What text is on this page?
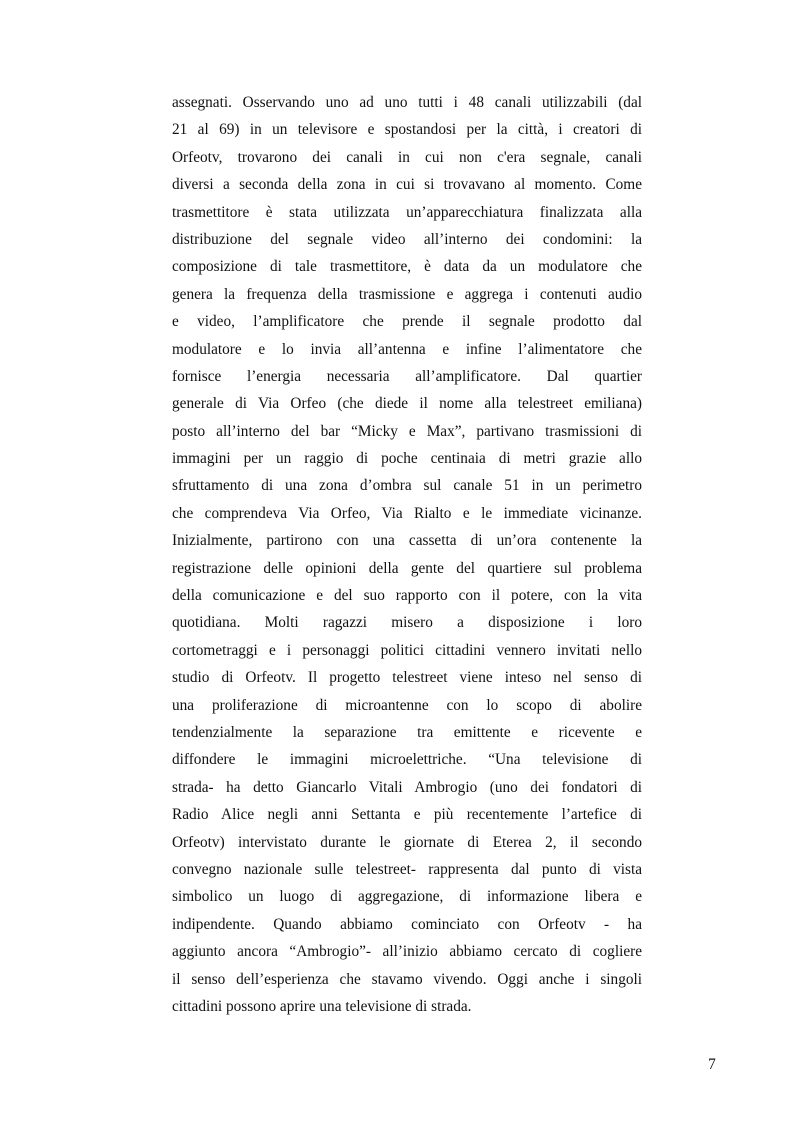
assegnati. Osservando uno ad uno tutti i 48 canali utilizzabili (dal
21 al 69) in un televisore e spostandosi per la città, i creatori di
Orfeotv, trovarono dei canali in cui non c'era segnale, canali
diversi a seconda della zona in cui si trovavano al momento. Come
trasmettitore è stata utilizzata un’apparecchiatura finalizzata alla
distribuzione del segnale video all’interno dei condomini: la
composizione di tale trasmettitore, è data da un modulatore che
genera la frequenza della trasmissione e aggrega i contenuti audio
e video, l’amplificatore che prende il segnale prodotto dal
modulatore e lo invia all’antenna e infine l’alimentatore che
fornisce l’energia necessaria all’amplificatore. Dal quartier
generale di Via Orfeo (che diede il nome alla telestreet emiliana)
posto all’interno del bar “Micky e Max”, partivano trasmissioni di
immagini per un raggio di poche centinaia di metri grazie allo
sfruttamento di una zona d’ombra sul canale 51 in un perimetro
che comprendeva Via Orfeo, Via Rialto e le immediate vicinanze.
Inizialmente, partirono con una cassetta di un’ora contenente la
registrazione delle opinioni della gente del quartiere sul problema
della comunicazione e del suo rapporto con il potere, con la vita
quotidiana. Molti ragazzi misero a disposizione i loro
cortometraggi e i personaggi politici cittadini vennero invitati nello
studio di Orfeotv. Il progetto telestreet viene inteso nel senso di
una proliferazione di microantenne con lo scopo di abolire
tendenzialmente la separazione tra emittente e ricevente e
diffondere le immagini microelettriche. “Una televisione di
strada- ha detto Giancarlo Vitali Ambrogio (uno dei fondatori di
Radio Alice negli anni Settanta e più recentemente l’artefice di
Orfeotv) intervistato durante le giornate di Eterea 2, il secondo
convegno nazionale sulle telestreet- rappresenta dal punto di vista
simbolico un luogo di aggregazione, di informazione libera e
indipendente. Quando abbiamo cominciato con Orfeotv - ha
aggiunto ancora “Ambrogio”- all’inizio abbiamo cercato di cogliere
il senso dell’esperienza che stavamo vivendo. Oggi anche i singoli
cittadini possono aprire una televisione di strada.
7
